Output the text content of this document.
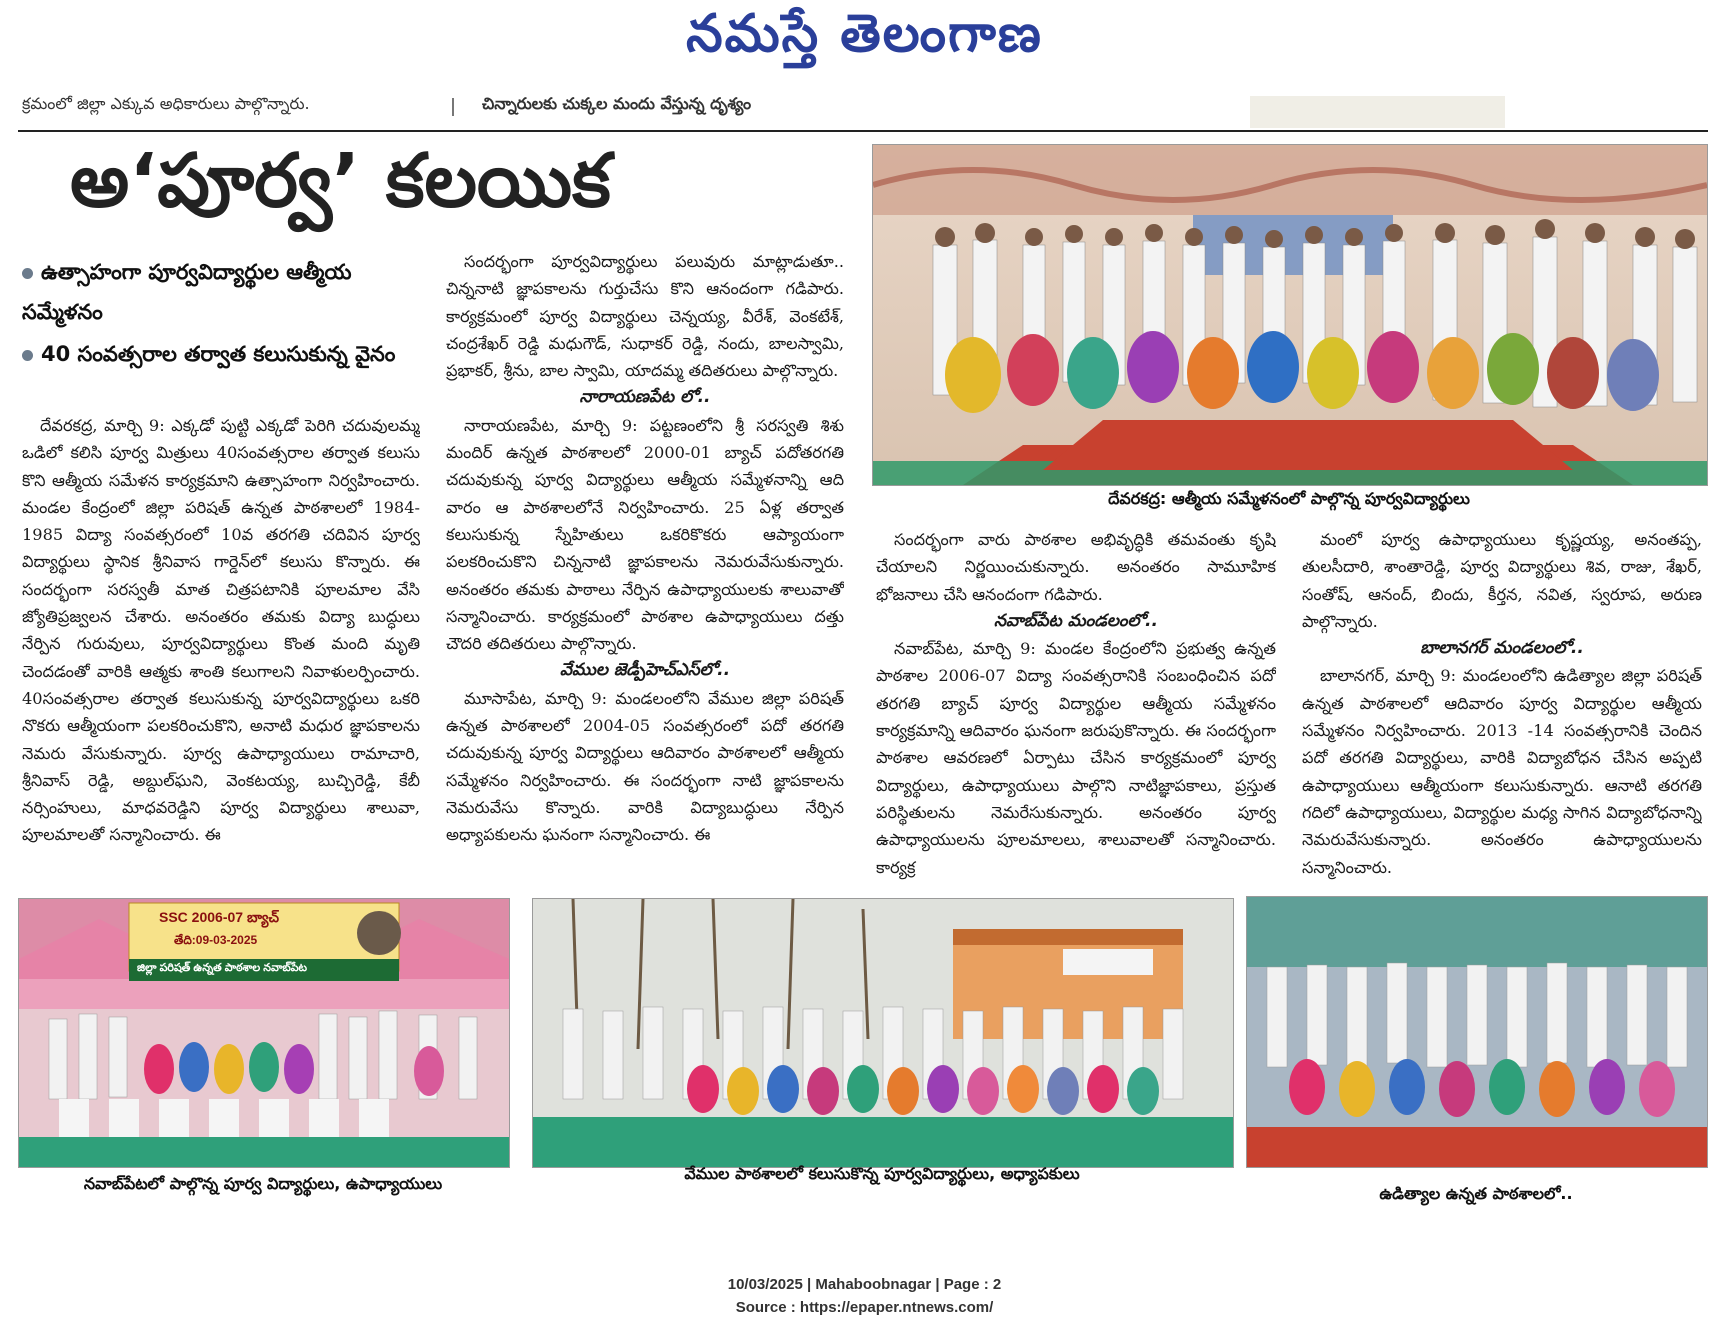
నమస్తే తెలంగాణ
క్రమంలో జిల్లా ఎక్కువ అధికారులు పాల్గొన్నారు.	చిన్నారులకు చుక్కల మందు వేస్తున్న దృశ్యం
అ‘పూర్వ’ కలయిక
ఉత్సాహంగా పూర్వవిద్యార్థుల ఆత్మీయ సమ్మేళనం
40 సంవత్సరాల తర్వాత కలుసుకున్న వైనం

దేవరకద్ర, మార్చి 9: ఎక్కడో పుట్టి ఎక్కడో పెరిగి చదువులమ్మ ఒడిలో కలిసి పూర్వ మిత్రులు 40సంవత్సరాల తర్వాత కలుసు కొని ఆత్మీయ సమేళన కార్యక్రమాని ఉత్సాహంగా నిర్వహించారు. మండల కేంద్రంలో జిల్లా పరిషత్ ఉన్నత పాఠశాలలో 1984-1985 విద్యా సంవత్సరంలో 10వ తరగతి చదివిన పూర్వ విద్యార్థులు స్థానిక శ్రీనివాస గార్డెన్‌లో కలుసు కొన్నారు. ఈ సందర్భంగా సరస్వతీ మాత చిత్రపటానికి పూలమాల వేసి జ్యోతిప్రజ్వలన చేశారు. అనంతరం తమకు విద్యా బుద్ధులు నేర్పిన గురువులు, పూర్వవిద్యార్థులు కొంత మంది మృతి చెందడంతో వారికి ఆత్మకు శాంతి కలుగాలని నివాళులర్పించారు. 40సంవత్సరాల తర్వాత కలుసుకున్న పూర్వవిద్యార్థులు ఒకరి నొకరు ఆత్మీయంగా పలకరించుకొని, అనాటి మధుర జ్ఞాపకాలను నెమరు వేసుకున్నారు. పూర్వ ఉపాధ్యాయులు రామాచారి, శ్రీనివాస్ రెడ్డి, అబ్దుల్‌ఘని, వెంకటయ్య, బుచ్చిరెడ్డి, కేబీ నర్సింహులు, మాధవరెడ్డిని పూర్వ విద్యార్థులు శాలువా, పూలమాలతో సన్మానించారు. ఈ

సందర్భంగా పూర్వవిద్యార్థులు పలువురు మాట్లాడుతూ.. చిన్ననాటి జ్ఞాపకాలను గుర్తుచేసు కొని ఆనందంగా గడిపారు. కార్యక్రమంలో పూర్వ విద్యార్థులు చెన్నయ్య, వీరేశ్, వెంకటేశ్, చంద్రశేఖర్ రెడ్డి మధుగౌడ్, సుధాకర్ రెడ్డి, నందు, బాలస్వామి, ప్రభాకర్, శ్రీను, బాల స్వామి, యాదమ్మ తదితరులు పాల్గొన్నారు.

నారాయణపేట లో..

నారాయణపేట, మార్చి 9: పట్టణంలోని శ్రీ సరస్వతి శిశు మందిర్ ఉన్నత పాఠశాలలో 2000-01 బ్యాచ్ పదోతరగతి చదువుకున్న పూర్వ విద్యార్థులు ఆత్మీయ సమ్మేళనాన్ని ఆది వారం ఆ పాఠశాలలోనే నిర్వహించారు. 25 ఏళ్ల తర్వాత కలుసుకున్న స్నేహితులు ఒకరికొకరు ఆప్యాయంగా పలకరించుకొని చిన్ననాటి జ్ఞాపకాలను నెమరువేసుకున్నారు. అనంతరం తమకు పాఠాలు నేర్పిన ఉపాధ్యాయులకు శాలువాతో సన్మానించారు. కార్యక్రమంలో పాఠశాల ఉపాధ్యాయులు దత్తు చౌదరి తదితరులు పాల్గొన్నారు.

వేముల జెడ్పీహెచ్ఎస్‌లో..

మూసాపేట, మార్చి 9: మండలంలోని వేముల జిల్లా పరిషత్ ఉన్నత పాఠశాలలో 2004-05 సంవత్సరంలో పదో తరగతి చదువుకున్న పూర్వ విద్యార్థులు ఆదివారం పాఠశాలలో ఆత్మీయ సమ్మేళనం నిర్వహించారు. ఈ సందర్భంగా నాటి జ్ఞాపకాలను నెమరువేసు కొన్నారు. వారికి విద్యాబుద్ధులు నేర్పిన అధ్యాపకులను ఘనంగా సన్మానించారు. ఈ

దేవరకద్ర: ఆత్మీయ సమ్మేళనంలో పాల్గొన్న పూర్వవిద్యార్థులు

సందర్భంగా వారు పాఠశాల అభివృద్ధికి తమవంతు కృషి చేయాలని నిర్ణయించుకున్నారు. అనంతరం సామూహిక భోజనాలు చేసి ఆనందంగా గడిపారు.

నవాబ్‌పేట మండలంలో..

నవాబ్‌పేట, మార్చి 9: మండల కేంద్రంలోని ప్రభుత్వ ఉన్నత పాఠశాల 2006-07 విద్యా సంవత్సరానికి సంబంధించిన పదో తరగతి బ్యాచ్ పూర్వ విద్యార్థుల ఆత్మీయ సమ్మేళనం కార్యక్రమాన్ని ఆదివారం ఘనంగా జరుపుకొన్నారు. ఈ సందర్భంగా పాఠశాల ఆవరణలో ఏర్పాటు చేసిన కార్యక్రమంలో పూర్వ విద్యార్థులు, ఉపాధ్యాయులు పాల్గొని నాటిజ్ఞాపకాలు, ప్రస్తుత పరిస్థితులను నెమరేసుకున్నారు. అనంతరం పూర్వ ఉపాధ్యాయులను పూలమాలలు, శాలువాలతో సన్మానించారు. కార్యక్ర

మంలో పూర్వ ఉపాధ్యాయులు కృష్ణయ్య, అనంతప్ప, తులసీదారి, శాంతారెడ్డి, పూర్వ విద్యార్థులు శివ, రాజు, శేఖర్, సంతోష్, ఆనంద్, బిందు, కీర్తన, నవిత, స్వరూప, అరుణ పాల్గొన్నారు.

బాలానగర్ మండలంలో..

బాలానగర్, మార్చి 9: మండలంలోని ఉడిత్యాల జిల్లా పరిషత్ ఉన్నత పాఠశాలలో ఆదివారం పూర్వ విద్యార్థుల ఆత్మీయ సమ్మేళనం నిర్వహించారు. 2013 -14 సంవత్సరానికి చెందిన పదో తరగతి విద్యార్థులు, వారికి విద్యాబోధన చేసిన అప్పటి ఉపాధ్యాయులు ఆత్మీయంగా కలుసుకున్నారు. ఆనాటి తరగతి గదిలో ఉపాధ్యాయులు, విద్యార్థుల మధ్య సాగిన విద్యాబోధనాన్ని నెమరువేసుకున్నారు. అనంతరం ఉపాధ్యాయులను సన్మానించారు.

SSC 2006-07 బ్యాచ్
తేది:09-03-2025
జిల్లా పరిషత్ ఉన్నత పాఠశాల నవాబ్‌పేట
నవాబ్‌పేటలో పాల్గొన్న పూర్వ విద్యార్థులు, ఉపాధ్యాయులు
వేముల పాఠశాలలో కలుసుకొన్న పూర్వవిద్యార్థులు, అధ్యాపకులు
ఉడిత్యాల ఉన్నత పాఠశాలలో..
10/03/2025 | Mahaboobnagar | Page : 2
Source : https://epaper.ntnews.com/
